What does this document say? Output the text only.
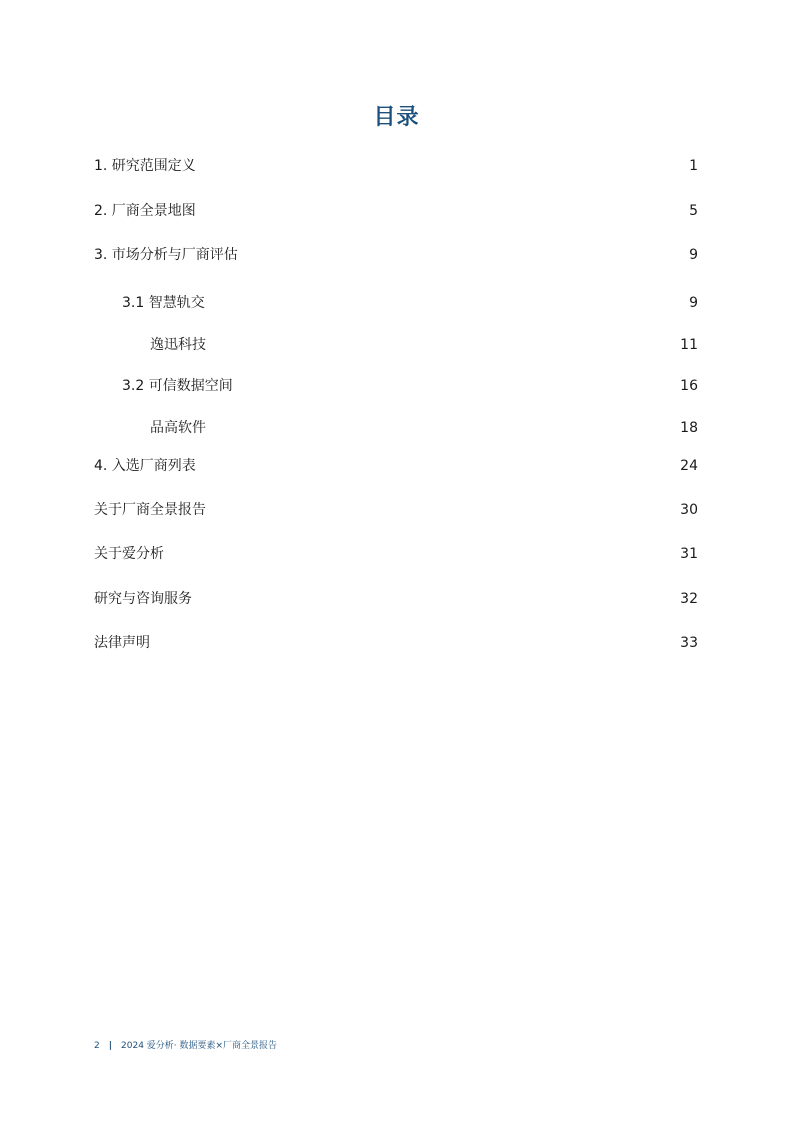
目录
1. 研究范围定义	1
2. 厂商全景地图	5
3. 市场分析与厂商评估	9
3.1 智慧轨交	9
逸迅科技	11
3.2 可信数据空间	16
品高软件	18
4. 入选厂商列表	24
关于厂商全景报告	30
关于爱分析	31
研究与咨询服务	32
法律声明	33
2 | 2024 爱分析· 数据要素×厂商全景报告
